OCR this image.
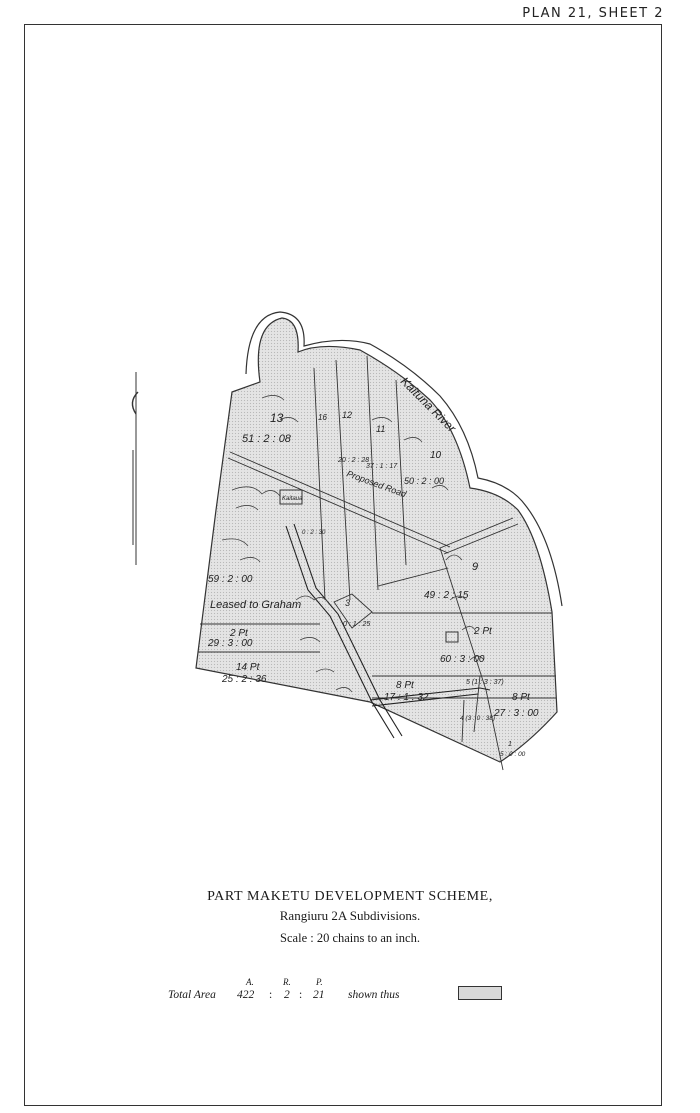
PLAN 21, SHEET 2
13
51 : 2 : 08
12
16
20 : 2 : 28
11
37 : 1 : 17
10
50 : 2 : 00
9
49 : 2 : 15
3
0 : 1 : 25
59 : 2 : 00
Leased to Graham
2 Pt
29 : 3 : 00
2 Pt
60 : 3 : 00
14 Pt
25 : 2 : 36
8 Pt
17 : 1 : 32	8 Pt
27 : 3 : 00
5 (1 : 3 : 37)
4 (3 : 0 : 38)
1
5 : 0 : 00
0 : 2 : 30
Kaitaua	Proposed Road
Kaituna River
PART MAKETU DEVELOPMENT SCHEME,
Rangiuru 2A Subdivisions.
Scale : 20 chains to an inch.
A.	R.	P.
Total Area 422 : 2 : 21 shown thus
